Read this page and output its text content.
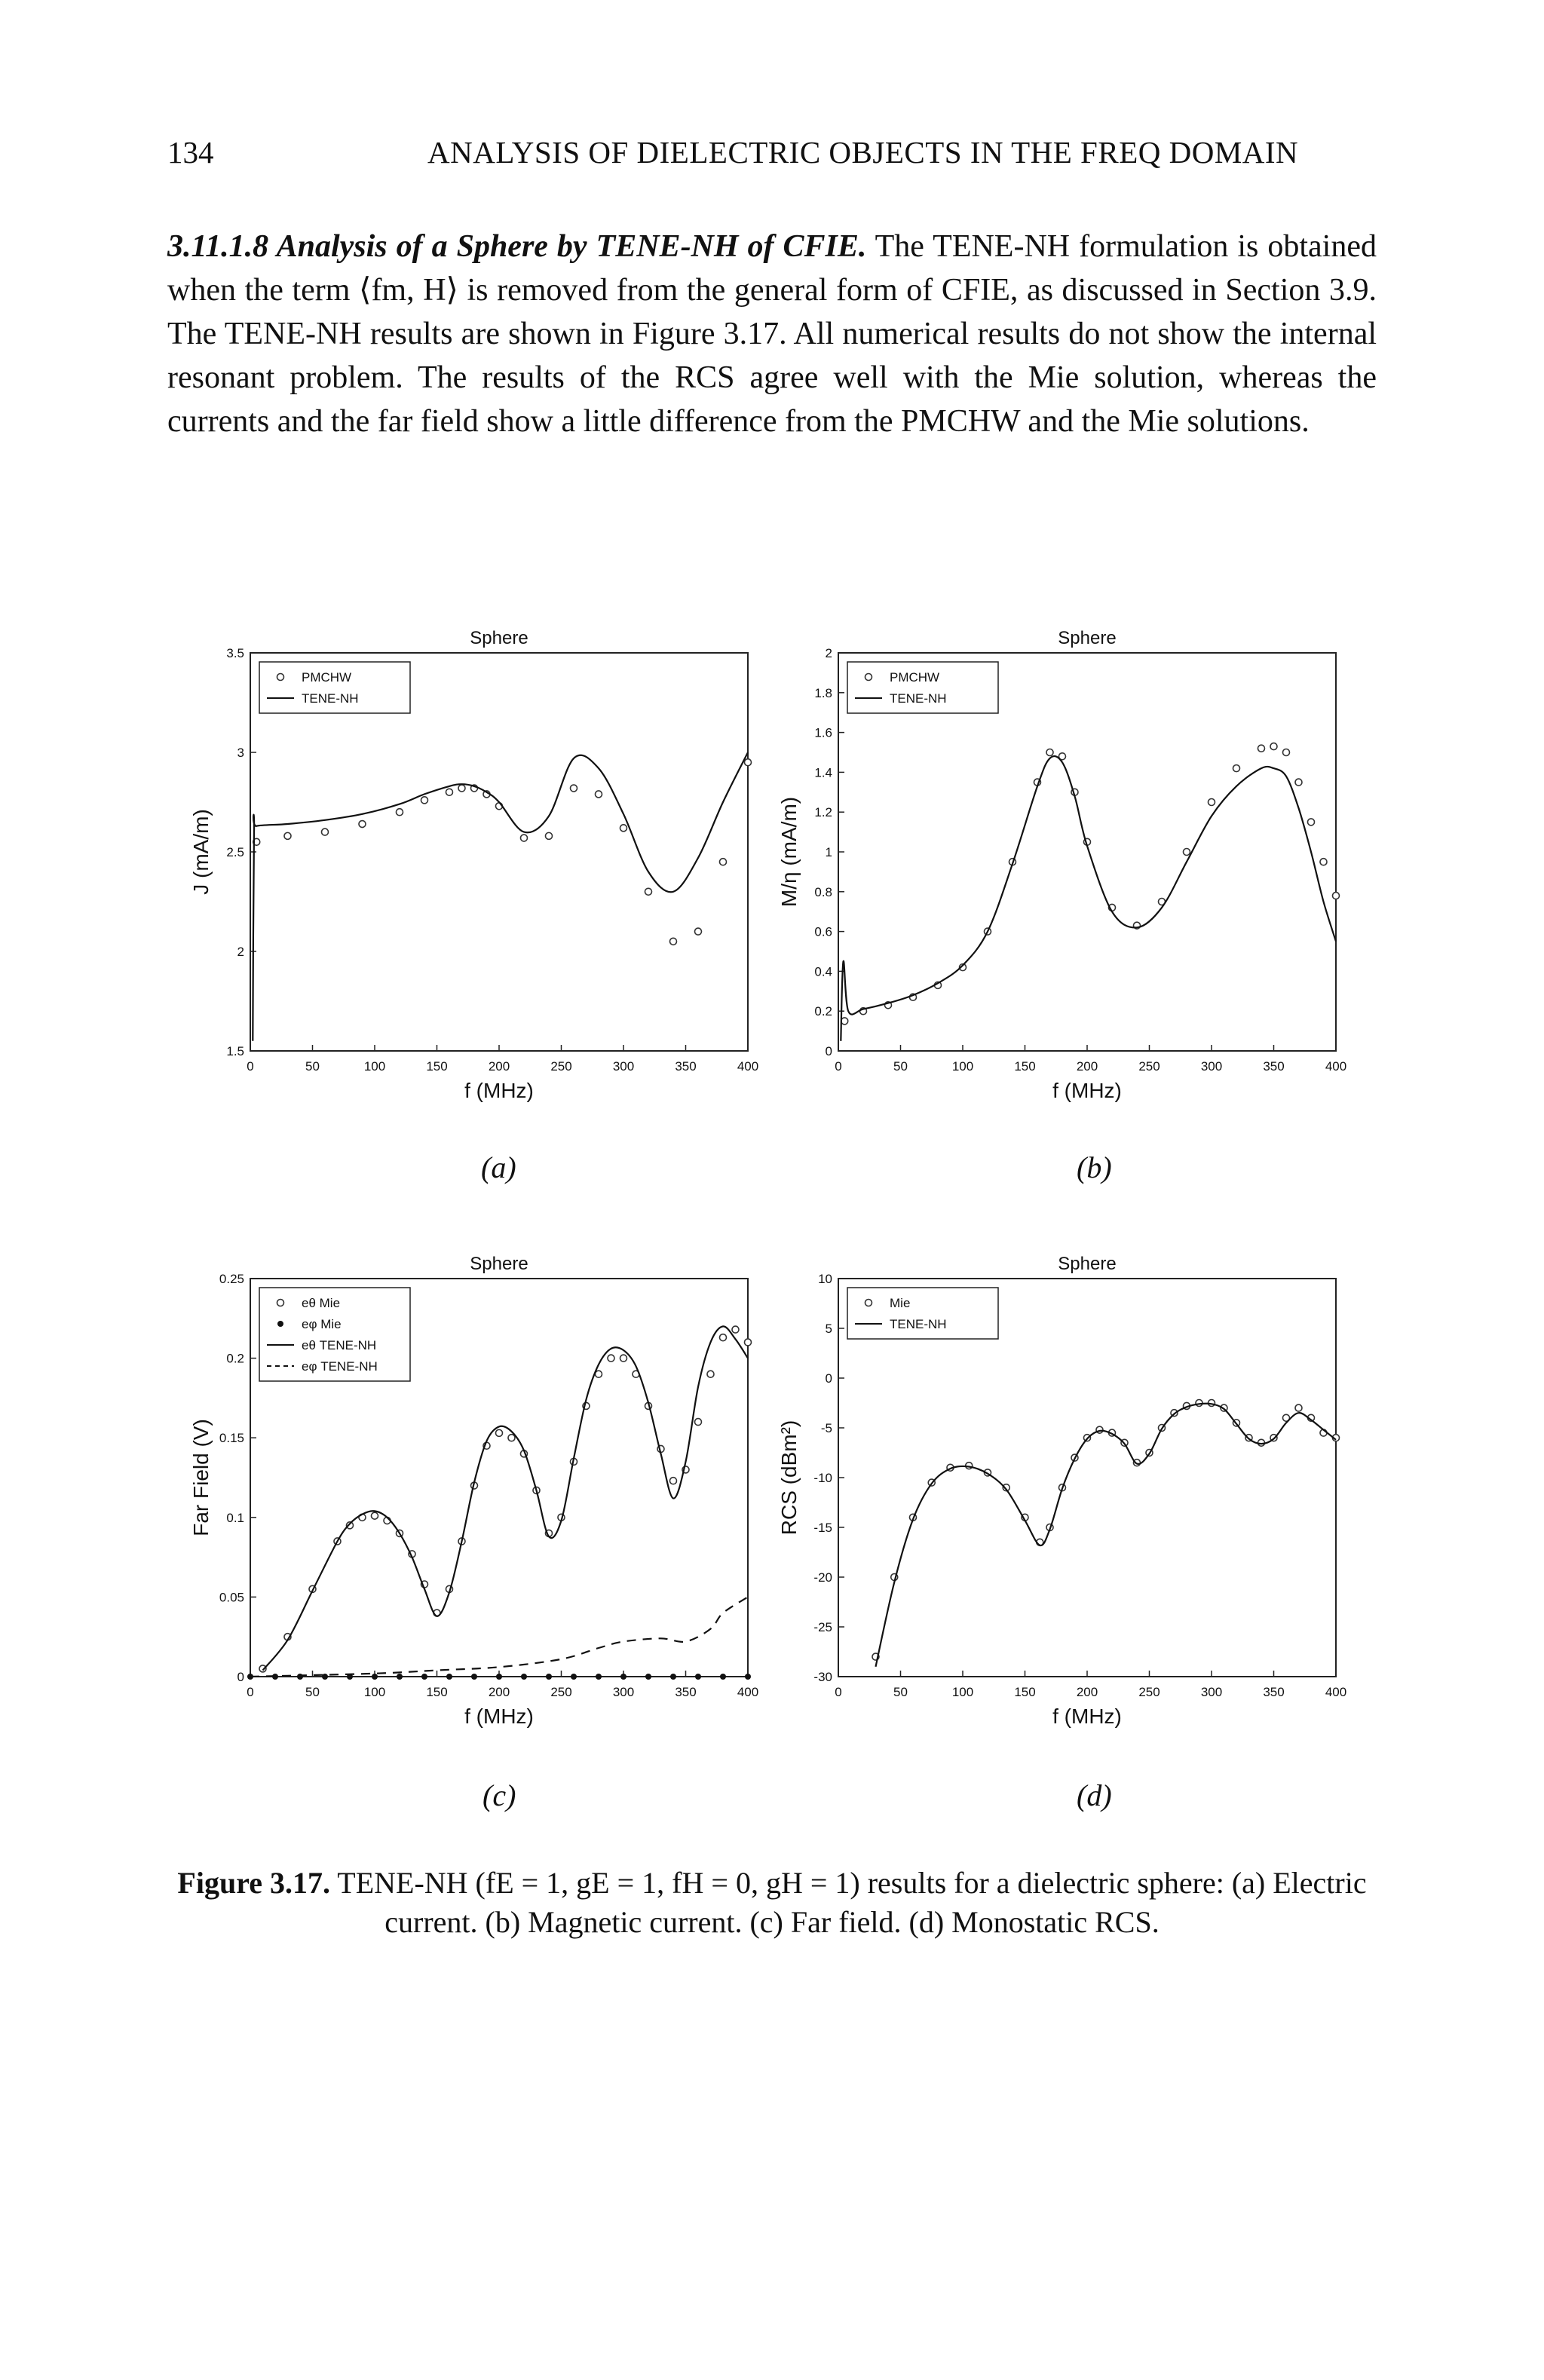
134	ANALYSIS OF DIELECTRIC OBJECTS IN THE FREQ DOMAIN

3.11.1.8 Analysis of a Sphere by TENE-NH of CFIE. The TENE-NH formulation is obtained when the term ⟨fm, H⟩ is removed from the general form of CFIE, as discussed in Section 3.9. The TENE-NH results are shown in Figure 3.17. All numerical results do not show the internal resonant problem. The results of the RCS agree well with the Mie solution, whereas the currents and the far field show a little difference from the PMCHW and the Mie solutions.

Sphere
0	50	100	150	200	250	300	350	400
1.5
2
2.5
3
3.5
f (MHz)
J (mA/m)
PMCHW
TENE-NH
Sphere
0	50	100	150	200	250	300	350	400
0
0.2
0.4
0.6
0.8
1
1.2
1.4
1.6
1.8
2
f (MHz)
M/η (mA/m)
PMCHW
TENE-NH
Sphere
0	50	100	150	200	250	300	350	400
0
0.05
0.1
0.15
0.2
0.25
f (MHz)
Far Field (V)
eθ Mie
eφ Mie
eθ TENE-NH
eφ TENE-NH
Sphere
0	50	100	150	200	250	300	350	400
-30
-25
-20
-15
-10
-5
0
5
10
f (MHz)
RCS (dBm²)
Mie
TENE-NH
(a)	(b)
(c)	(d)

Figure 3.17. TENE-NH (fE = 1, gE = 1, fH = 0, gH = 1) results for a dielectric sphere: (a) Electric current. (b) Magnetic current. (c) Far field. (d) Monostatic RCS.
